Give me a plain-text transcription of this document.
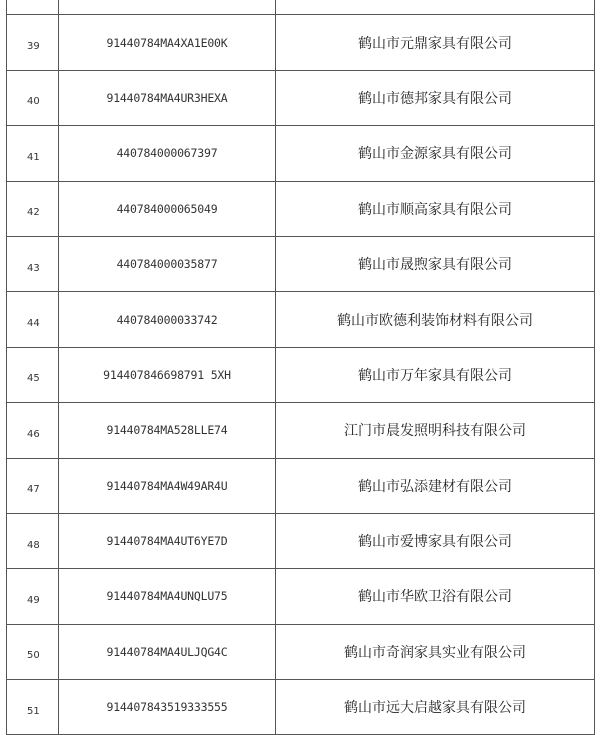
39	91440784MA4XA1E00K	鹤山市元鼎家具有限公司
40	91440784MA4UR3HEXA	鹤山市德邦家具有限公司
41	440784000067397	鹤山市金源家具有限公司
42	440784000065049	鹤山市顺高家具有限公司
43	440784000035877	鹤山市晟煦家具有限公司
44	440784000033742	鹤山市欧德利装饰材料有限公司
45	914407846698791 5XH	鹤山市万年家具有限公司
46	91440784MA528LLE74	江门市晨发照明科技有限公司
47	91440784MA4W49AR4U	鹤山市弘添建材有限公司
48	91440784MA4UT6YE7D	鹤山市爱博家具有限公司
49	91440784MA4UNQLU75	鹤山市华欧卫浴有限公司
50	91440784MA4ULJQG4C	鹤山市奇润家具实业有限公司
51	914407843519333555	鹤山市远大启越家具有限公司
